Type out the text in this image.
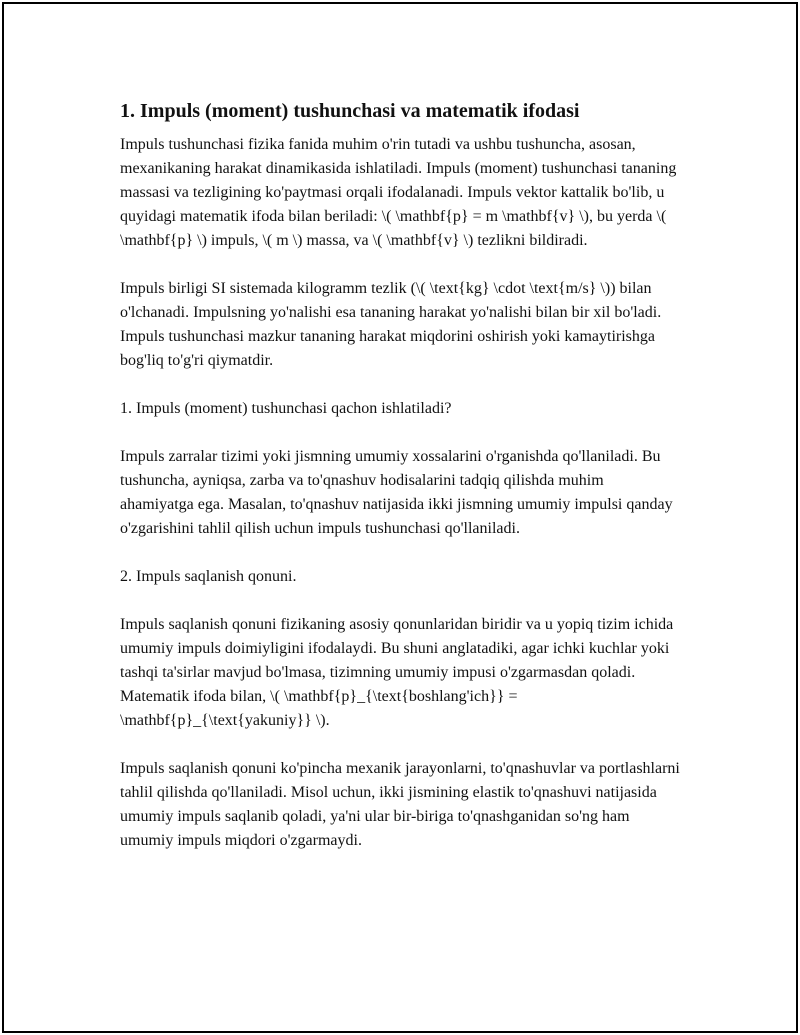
1. Impuls (moment) tushunchasi va matematik ifodasi

Impuls tushunchasi fizika fanida muhim o'rin tutadi va ushbu tushuncha, asosan, mexanikaning harakat dinamikasida ishlatiladi. Impuls (moment) tushunchasi tananing massasi va tezligining ko'paytmasi orqali ifodalanadi. Impuls vektor kattalik bo'lib, u quyidagi matematik ifoda bilan beriladi: \( \mathbf{p} = m \mathbf{v} \), bu yerda \( \mathbf{p} \) impuls, \( m \) massa, va \( \mathbf{v} \) tezlikni bildiradi.

Impuls birligi SI sistemada kilogramm tezlik (\( \text{kg} \cdot \text{m/s} \)) bilan o'lchanadi. Impulsning yo'nalishi esa tananing harakat yo'nalishi bilan bir xil bo'ladi. Impuls tushunchasi mazkur tananing harakat miqdorini oshirish yoki kamaytirishga bog'liq to'g'ri qiymatdir.

1. Impuls (moment) tushunchasi qachon ishlatiladi?

Impuls zarralar tizimi yoki jismning umumiy xossalarini o'rganishda qo'llaniladi. Bu tushuncha, ayniqsa, zarba va to'qnashuv hodisalarini tadqiq qilishda muhim ahamiyatga ega. Masalan, to'qnashuv natijasida ikki jismning umumiy impulsi qanday o'zgarishini tahlil qilish uchun impuls tushunchasi qo'llaniladi.

2. Impuls saqlanish qonuni.

Impuls saqlanish qonuni fizikaning asosiy qonunlaridan biridir va u yopiq tizim ichida umumiy impuls doimiyligini ifodalaydi. Bu shuni anglatadiki, agar ichki kuchlar yoki tashqi ta'sirlar mavjud bo'lmasa, tizimning umumiy impusi o'zgarmasdan qoladi. Matematik ifoda bilan, \( \mathbf{p}_{\text{boshlang'ich}} = \mathbf{p}_{\text{yakuniy}} \).

Impuls saqlanish qonuni ko'pincha mexanik jarayonlarni, to'qnashuvlar va portlashlarni tahlil qilishda qo'llaniladi. Misol uchun, ikki jismining elastik to'qnashuvi natijasida umumiy impuls saqlanib qoladi, ya'ni ular bir-biriga to'qnashganidan so'ng ham umumiy impuls miqdori o'zgarmaydi.
